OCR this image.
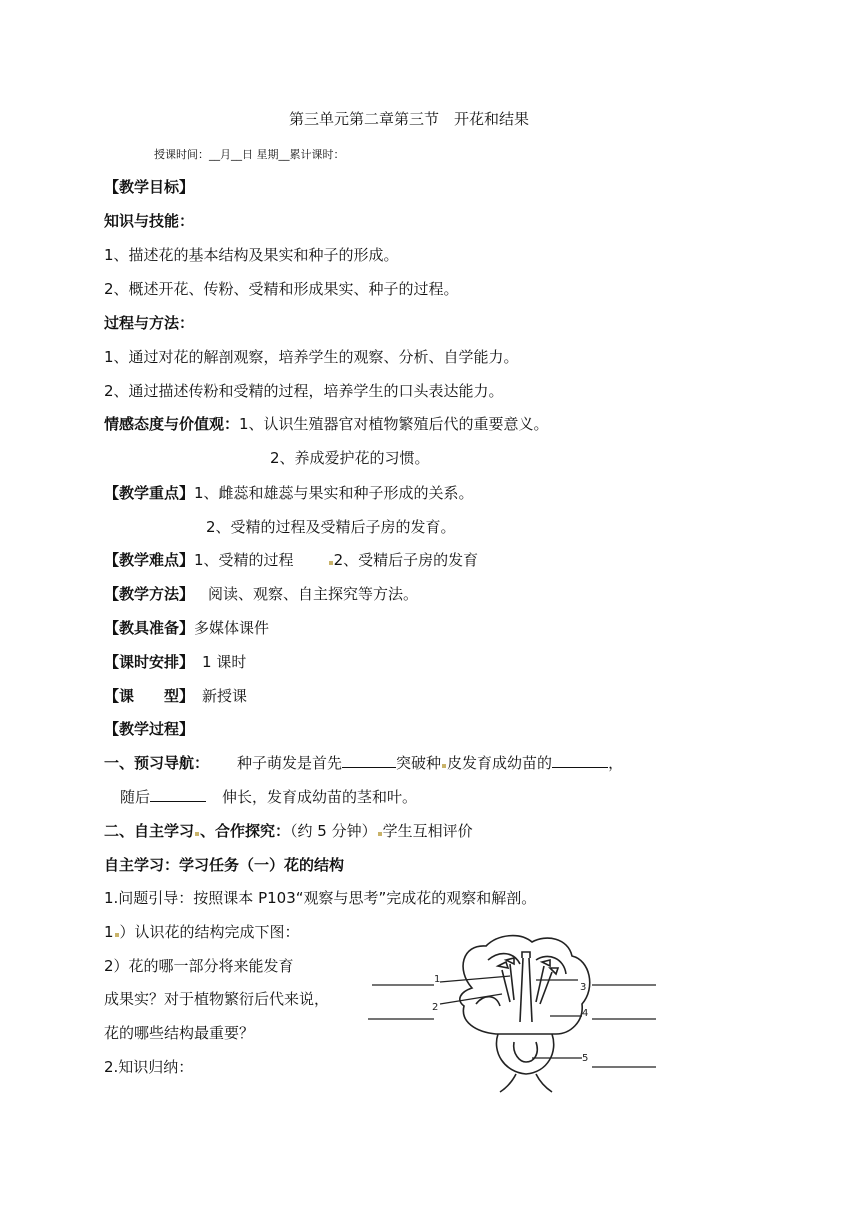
第三单元第二章第三节　开花和结果
授课时间：__月__日 星期__累计课时：
【教学目标】
知识与技能：
1、描述花的基本结构及果实和种子的形成。
2、概述开花、传粉、受精和形成果实、种子的过程。
过程与方法：
1、通过对花的解剖观察，培养学生的观察、分析、自学能力。
2、通过描述传粉和受精的过程，培养学生的口头表达能力。
情感态度与价值观：1、认识生殖器官对植物繁殖后代的重要意义。
2、养成爱护花的习惯。
【教学重点】1、雌蕊和雄蕊与果实和种子形成的关系。
2、受精的过程及受精后子房的发育。
【教学难点】1、受精的过程	2、受精后子房的发育
【教学方法】 阅读、观察、自主探究等方法。
【教具准备】多媒体课件
【课时安排】 1 课时
【课　　型】 新授课
【教学过程】
一、预习导航： 种子萌发是首先	突破种 皮发育成幼苗的	，
随后	伸长，发育成幼苗的茎和叶。
二、自主学习 、合作探究：（约 5 分钟） 学生互相评价
自主学习：学习任务（一）花的结构
1.问题引导：按照课本 P103“观察与思考”完成花的观察和解剖。
1 ）认识花的结构完成下图：
2）花的哪一部分将来能发育
成果实？对于植物繁衍后代来说，
花的哪些结构最重要？
2.知识归纳：
1
2
3
4
5
